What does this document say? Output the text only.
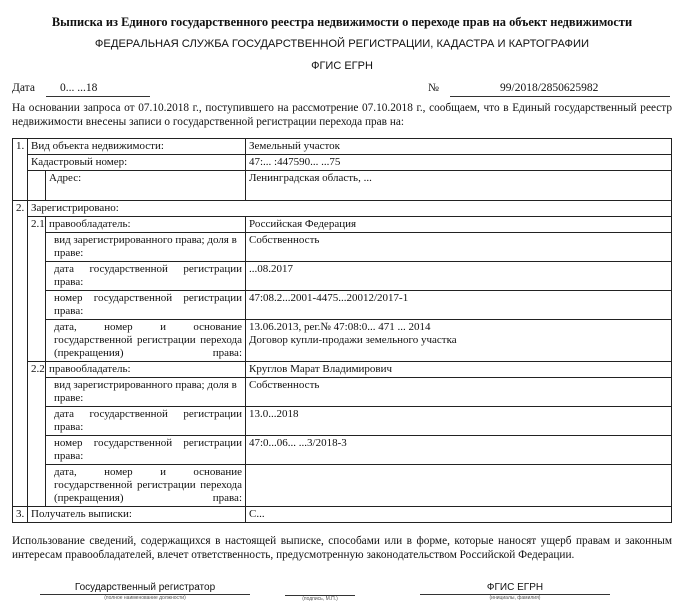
Выписка из Единого государственного реестра недвижимости о переходе прав на объект недвижимости
ФЕДЕРАЛЬНАЯ СЛУЖБА ГОСУДАРСТВЕННОЙ РЕГИСТРАЦИИ, КАДАСТРА И КАРТОГРАФИИ
ФГИС ЕГРН
Дата 0... ...18	№	99/2018/2850625982
На основании запроса от 07.10.2018 г., поступившего на рассмотрение 07.10.2018 г., сообщаем, что в Единый государственный реестр недвижимости внесены записи о государственной регистрации перехода прав на:
1.	Вид объекта недвижимости:		Земельный участок
	Кадастровый номер:		47:... :447590... ...75
		Адрес:	Ленинградская область, ...
2.	Зарегистрировано:		
	2.1	правообладатель:	Российская Федерация
		вид зарегистрированного права; доля в праве:	Собственность
		дата государственной регистрации права:	...08.2017
		номер государственной регистрации права:	47:08.2...2001-4475...20012/2017-1
		дата, номер и основание государственной регистрации перехода (прекращения) права:	13.06.2013, рег.№ 47:08:0... 471 ... 2014
Договор купли-продажи земельного участка

	2.2	правообладатель:	Круглов Марат Владимирович
		вид зарегистрированного права; доля в праве:	Собственность
		дата государственной регистрации права:	13.0...2018
		номер государственной регистрации права:	47:0...06... ...3/2018-3
		дата, номер и основание государственной регистрации перехода (прекращения) права:	

3.	Получатель выписки:		С...
Использование сведений, содержащихся в настоящей выписке, способами или в форме, которые наносят ущерб правам и законным интересам правообладателей, влечет ответственность, предусмотренную законодательством Российской Федерации.
Государственный регистратор
(полное наименование должности)	(подпись, М.П.)
ФГИС ЕГРН
(инициалы, фамилия)
